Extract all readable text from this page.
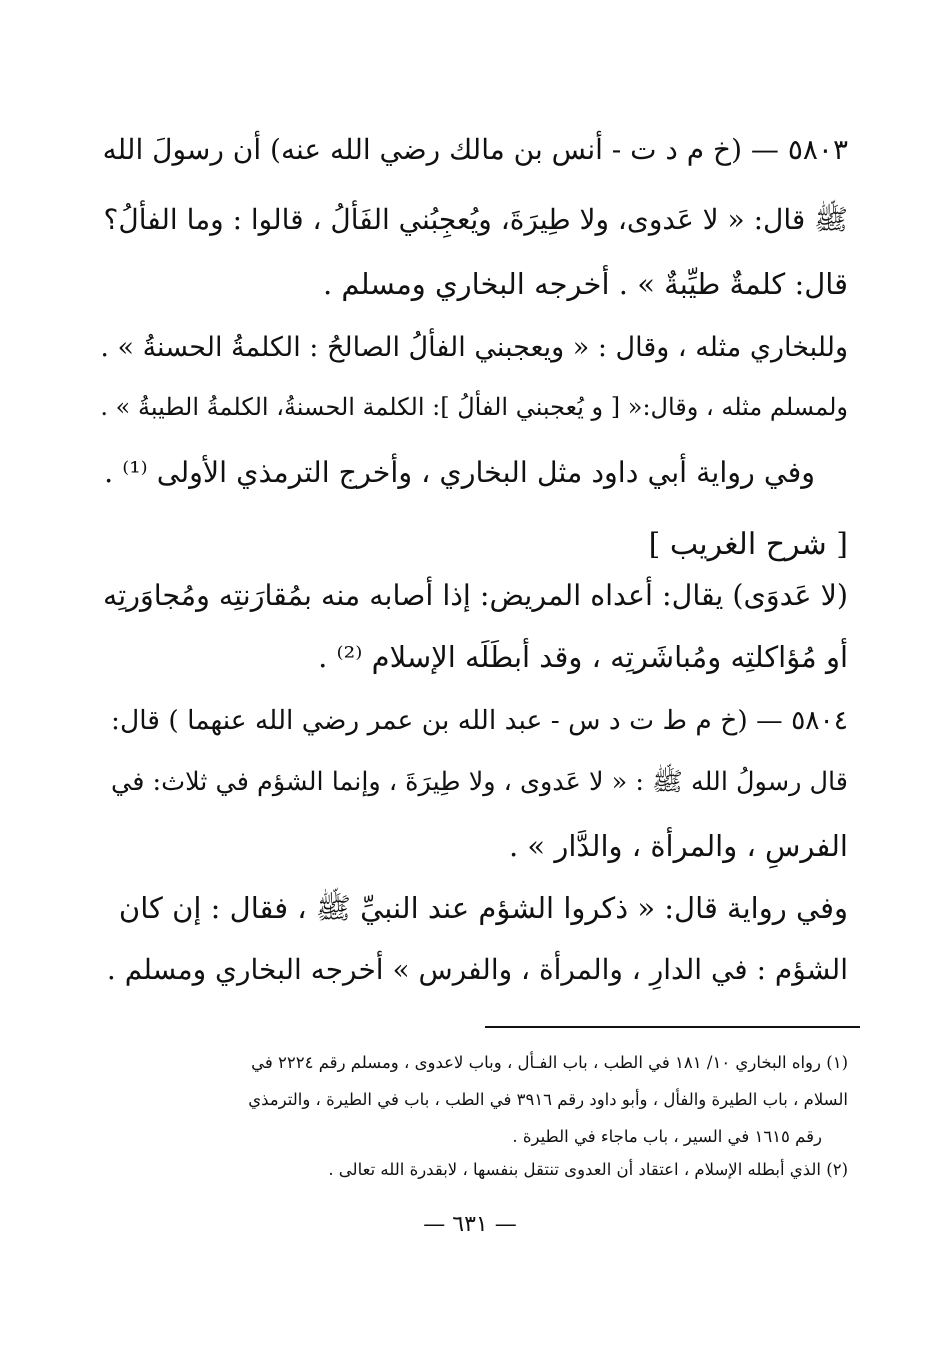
٥٨٠٣ — (خ م د ت - أنس بن مالك رضي الله عنه) أن رسولَ الله
ﷺ قال: « لا عَدوى، ولا طِيرَةَ، ويُعجِبُني الفَألُ ، قالوا : وما الفألُ؟
قال: كلمةٌ طيِّبةٌ » . أخرجه البخاري ومسلم .
وللبخاري مثله ، وقال : « ويعجبني الفألُ الصالحُ : الكلمةُ الحسنةُ » .
ولمسلم مثله ، وقال:« [ و يُعجبني الفألُ ]: الكلمة الحسنةُ، الكلمةُ الطيبةُ » .
وفي رواية أبي داود مثل البخاري ، وأخرج الترمذي الأولى ⁽¹⁾ .
[ شرح الغريب ]
(لا عَدوَى) يقال: أعداه المريض: إذا أصابه منه بمُقارَنتِه ومُجاوَرتِه
أو مُؤاكلتِه ومُباشَرتِه ، وقد أبطَلَه الإسلام ⁽²⁾ .
٥٨٠٤ — (خ م ط ت د س - عبد الله بن عمر رضي الله عنهما ) قال:
قال رسولُ الله ﷺ : « لا عَدوى ، ولا طِيرَةَ ، وإنما الشؤم في ثلاث: في
الفرسِ ، والمرأة ، والدَّار » .
وفي رواية قال: « ذكروا الشؤم عند النبيِّ ﷺ ، فقال : إن كان
الشؤم : في الدارِ ، والمرأة ، والفرس » أخرجه البخاري ومسلم .
(١) رواه البخاري ١٠/ ١٨١ في الطب ، باب الفـأل ، وباب لاعدوى ، ومسلم رقم ٢٢٢٤ في
السلام ، باب الطيرة والفأل ، وأبو داود رقم ٣٩١٦ في الطب ، باب في الطيرة ، والترمذي
رقم ١٦١٥ في السير ، باب ماجاء في الطيرة .
(٢) الذي أبطله الإسلام ، اعتقاد أن العدوى تنتقل بنفسها ، لابقدرة الله تعالى .
— ٦٣١ —
